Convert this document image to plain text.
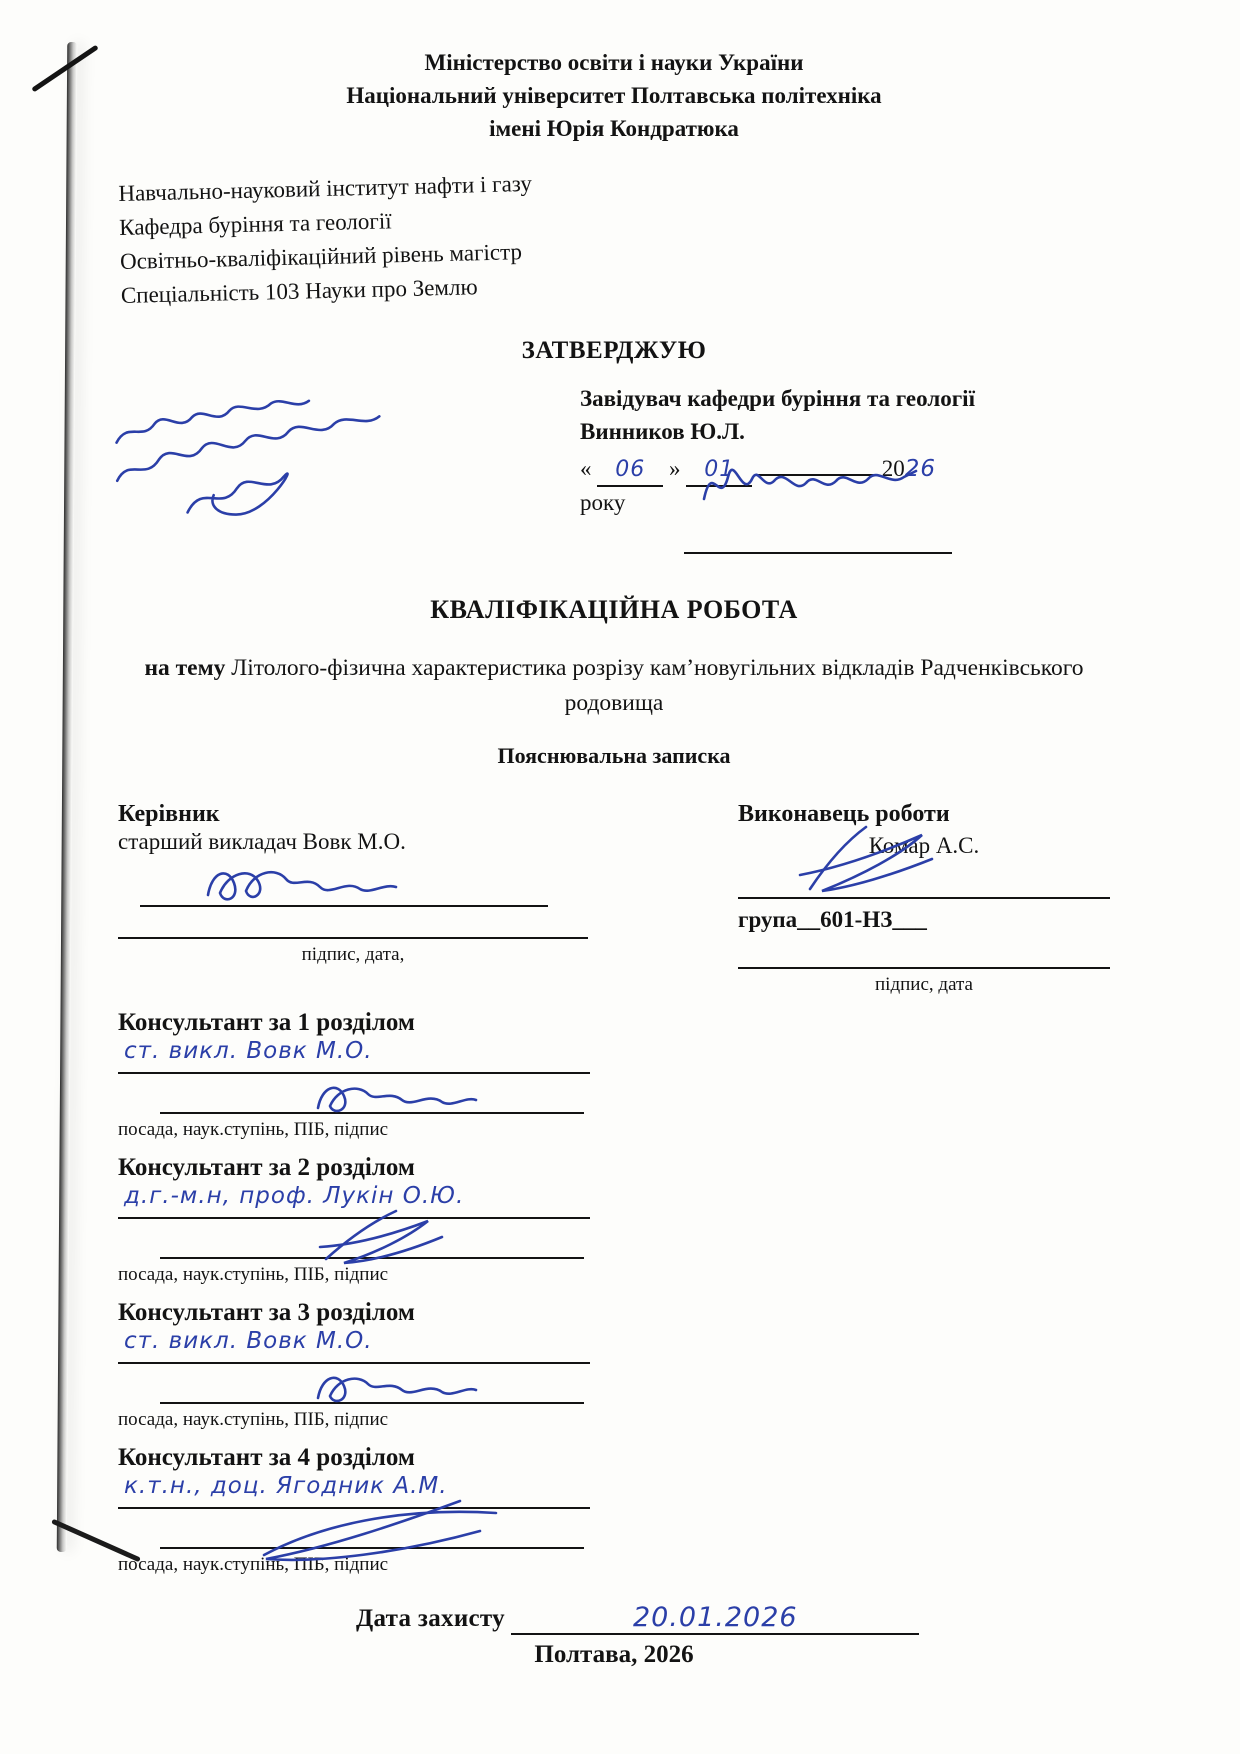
Міністерство освіти і науки України
Національний університет Полтавська політехніка
імені Юрія Кондратюка
Навчально-науковий інститут нафти і газу
Кафедра буріння та геології
Освітньо-кваліфікаційний рівень магістр
Спеціальність 103 Науки про Землю
ЗАТВЕРДЖУЮ
Завідувач кафедри буріння та геології
Винников Ю.Л.
« 06 » 01	2026 року
КВАЛІФІКАЦІЙНА РОБОТА

на тему Літолого-фізична характеристика розрізу кам’новугільних відкладів Радченківського родовища

Пояснювальна записка
Керівник
старший викладач Вовк М.О.
підпис, дата,
Виконавець роботи
Комар А.С.
група__601-НЗ___
підпис, дата
Консультант за 1 розділом
ст. викл. Вовк М.О.
посада, наук.ступінь, ПІБ, підпис
Консультант за 2 розділом
д.г.-м.н, проф. Лукін О.Ю.
посада, наук.ступінь, ПІБ, підпис
Консультант за 3 розділом
ст. викл. Вовк М.О.
посада, наук.ступінь, ПІБ, підпис
Консультант за 4 розділом
к.т.н., доц. Ягодник А.М.
посада, наук.ступінь, ПІБ, підпис
Дата захисту	20.01.2026
Полтава, 2026
